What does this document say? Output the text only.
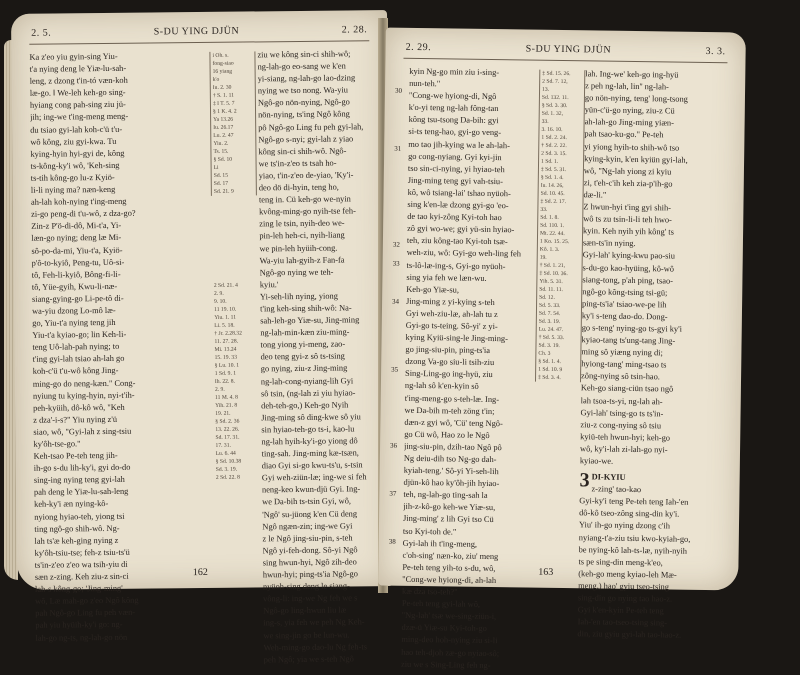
2. 5.	S-DU YING DJÜN	2. 28.

Ka z'eo yiu gyin-sing Yiu-

t'a nying deng le Yiæ-lu-sah-

leng, z dzong t'in-tó væn-koh

læ-go. ‖ We-leh keh-go sing-

hyiang cong pah-sing ziu jü-

jih; ing-we t'ing-meng meng-

du tsiao gyi-lah koh-c'ü t'u-

wô kông, ziu gyi-kwa. Tu

kying-hyin hyi-gyi de, kông

ts-kông-ky'i wô, 'Keh-sing

ts-tih kông-go lu-z Kyiö-

li-li nying ma? næn-keng

ah-lah koh-nying t'ing-meng

zi-go peng-di t'u-wô, z dza-go?

Zin-z P'ö-di-dô, Mi-t'a, Yi-

læn-go nying; deng læ Mi-

sô-po-da-mi, Yiu-t'a, Kyiö-

p'ô-to-kyiô, Peng-tu, Uô-si-

tô, Feh-li-kyiô, Bông-fi-li-

tô, Yüe-gyih, Kwu-li-næ-

siang-gying-go Li-pe-tô di-

wa-yiu dzong Lo-mô læ-

go, Yiu-t'a nying teng jih

Yiu-t'a kyiao-go; lin Keh-li-

teng Uô-lah-pah nying; to

t'ing gyi-lah tsiao ah-lah go

koh-c'ü t'u-wô kông Jing-

ming-go do neng-kæn." Cong-

nyiung tu kying-hyin, nyi-t'ih-

peh-kyüih, dô-kô wô, "Keh

z dza'-i-s?" Yiu nying z'ü

siao, wô, "Gyi-lah z sing-tsiu

ky'ôh-tse-go."

Keh-tsao Pe-teh teng jih-

ih-go s-du lih-ky'i, gyi do-do

sing-ing nying teng gyi-lah

pah deng le Yiæ-lu-sah-leng

keh-ky'i æn nying-kô-

nyiong hyiao-teh, yiong tsi

ting ngô-go shih-wô. Ng-

lah ts'æ keh-ging nying z

ky'ôh-tsiu-tse; feh-z tsiu-ts'ü

ts'in-z'eo z'eo wa tsih-yiu di

sæn z-zing. Keh ziu-z sin-ci

lah-s kông-go; 'Jing-ming'

wô, Læ mah-go z'eo Ngô kông

pah Ngô-go Ling fu peh væn-

pah yiu hyüih-ky'i go: ng-

lah-go ng-ts, ng-lah-go nön

i Oh. s.

fong-siao

16 yiang

k'o

Iu. 2. 30

† S. 1. 11

‡ I T. 5. 7

§ 1 K. 4. 2

Ya 13.26

Iu. 26.17

Lu. 2. 47

Yiu. 2.

Ts. 15.

§ Sd. 10

Li

Sd. 15

Sd. 17

Sd. 21. 9

2 Sd. 21. 4

2. 9.

9. 10.

11 19. 10.

Yiu. 1. 11

Li. 5. 18.

† Jr. 2.28.32

11. 27. 28.

Mi. 13.24

15. 19. 33

§ Lu. 10. 1

1 Sd. 9. 1

Ih. 22. 8.

2. 9.

11 M. 4. 8

Yih. 21. 8

19. 21.

§ Sd. 2. 36

13. 22. 26.

Sd. 17. 31.

17. 31.

Lu. 6. 44

§ Sd. 10.38

Sd. 3. 19.

2 Sd. 22. 8

ziu we kông sin-ci shih-wô;

ng-lah-go eo-sang we k'en

yi-siang, ng-lah-go lao-dzing

nying we tso nong. Wa-yiu

Ngô-go nön-nying, Ngô-go

nön-nying, ts'ing Ngô kông

pô Ngô-go Ling fu peh gyi-lah,

Ngô-go s-nyi; gyi-lah z yiao

kông sin-ci shih-wô. Ngô-

we ts'in-z'eo ts tsah ho-

yiao, t'in-z'eo de-yiao, 'Ky'i-

deo dö di-hyin, teng ho,

teng in. Cü keh-go we-nyin

kvông-ming-go nyih-tse feh-

zing le tsin, nyih-deo we-

pin-leh heh-ci, nyih-liang

we pin-leh hyüih-cong.

Wa-yiu lah-gyih-z Fan-fa

Ngô-go nying we teh-

kyiu.'

Yi-seh-lih nying, yiong

t'ing keh-sing shih-wô: Na-

sah-leh-go Yiæ-su, Jing-ming

ng-lah-min-kæn ziu-ming-

tong yiong yi-meng, zao-

deo teng gyi-z sô ts-tsing

go nying, ziu-z Jing-ming

ng-lah-cong-nyiang-lih Gyi

sô tsin, (ng-lah zi yiu hyiao-

deh-teh-go,) Keh-go Nyih

Jing-ming sô ding-kwe sô yiu

sin hyiao-teh-go ts-i, kao-lu

ng-lah hyih-ky'i-go yiong dô

ting-sah. Jing-ming kæ-tsæn,

diao Gyi si-go kwu-ts'u, s-tsin

Gyi weh-ziün-læ; ing-we si feh

neng-keo kwun-djü Gyi. Ing-

we Da-bih ts-tsin Gyi, wô,

'Ngô' su-jüong k'en Cü deng

Ngô ngæn-zin; ing-we Gyi

z le Ngô jing-siu-pin, s-teh

Ngô yi-feh-dong. Sô-yi Ngô

sing hwun-hyi, Ngô zih-deo

hwun-hyi; ping-ts'ia Ngô-go

nyüoh-sing deng le siang-

vông-li: ing-we Ng feh we s

Ngô-go ling-hwun liu læ

ing-s, yia feh we peh Ng Keh-

we sing-jin go be lun-wu.

Weh-ming-go dao-lu Ng feh-ts

peh Ngô; yia we s-teh Ngô

162
2. 29.	S-DU YING DJÜN	3. 3.
30
31
32
33
34
35
36
37
38

kyin Ng-go min ziu i-sing-

nun-teh."

"Cong-we hyiong-di, Ngô

k'o-yi teng ng-lah fông-tan

kông tsu-tsong Da-bih: gyi

si-ts teng-hao, gyi-go veng-

mo tao jih-kying wa le ah-lah-

go cong-nyiang. Gyi kyi-jin

tso sin-ci-nying, yi hyiao-teh

Jing-ming teng gyi vah-tsiu-

kô, wô tsiang-lai' tshao nyüoh-

sing k'en-læ dzong gyi-go 'eo-

de tao kyi-zông Kyi-toh hao

zô gyi wo-we; gyi yü-sin hyiao-

teh, ziu kông-tao Kyi-toh tsæ-

weh-ziu, wô: Gyi-go weh-ling feh

ts-lô-læ-ing-s, Gyi-go nyüoh-

sing yia feh we læn-wu.

Keh-go Yiæ-su,

Jing-ming z yi-kying s-teh

Gyi weh-ziu-læ, ah-lah tu z

Gyi-go ts-teing. Sô-yi' z yi-

kying Kyiü-sing-le Jing-ming-

go jing-siu-pin, ping-ts'ia

dzong Va-go siu-li tsih-ziu

Sing-Ling-go ing-hyü, ziu

ng-lah sô k'en-kyin sô

t'ing-meng-go s-teh-læ. Ing-

we Da-bih m-teh zöng t'in;

dæn-z gyi wô, 'Cü' teng Ngô-

go Cü wô, Hao zo le Ngô

jing-siu-pin, dzih-tao Ngô pô

Ng deiu-dih tso Ng-go dah-

kyiah-teng.' Sô-yi Yi-seh-lih

djün-kô hao ky'ôh-jih hyiao-

teh, ng-lah-go ting-sah la

jih-z-kô-go keh-we Yiæ-su,

Jing-ming' z lih Gyi tso Cü

tso Kyi-toh de."

Gyi-lah ih t'ing-meng,

c'oh-sing' næn-ko, ziu' meng

Pe-teh teng yih-to s-du, wô,

"Cong-we hyiong-di, ah-lah

kæ dza tso-teh?"

Pe-teh teng gyi-lah wô,

"Ng-lah' tsæ we-sing-ziün-i,

dzæ-ü Yiæ-su Kyi-toh-go

ming-deo hoh-nying ziu si-li

hao teh-djoh zæ-go nyiao-sô;

ziu we s Sing-Ling feh ng-

‡ Sd. 15. 26.

2 Sd. 7. 12,

13.

Sd. 132. 11.

§ Sd. 3. 30.

Sd. 1. 32,

33.

3. 16. 10.

1 Sd. 2. 24.

† Sd. 2. 22.

2 Sd. 3. 15.

1 Sd. 1.

‡ Sd. 5. 31.

§ Sd. 1. 4.

Iu. 14. 26,

Sd. 10. 45.

‡ Sd. 2. 17.

33.

Sd. 1. 8.

Sd. 110. 1.

Mt. 22. 44.

1 Ko. 15. 25.

Kô. 1. 3.

19.

† Sd. 1. 21,

‡ Sd. 10. 36.

Yih. 5. 31.

Sd. 11. 11.

Sd. 12.

Sd. 5. 33.

Sd. 7. 54.

Sd. 3. 19.

Lu. 24. 47.

† Sd. 5. 33.

Sd. 3. 19.

Ch. 3

§ Sd. 1. 4.

1 Sd. 10. 9

‡ Sd. 3. 4.

lah. Ing-we' keh-go ing-hyü

z peh ng-lah, lin'' ng-lah-

go nön-nying, teng' long-tsong

yün-c'ü-go nying, ziu-z Cü

ah-lah-go Jing-ming yiæn-

pah tsao-ku-go." Pe-teh

yi yiong hyih-to shih-wô tso

kying-kyin, k'en kyiün gyi-lah,

wô, "Ng-lah yiong zi kyiu

zi, t'eh-c'ih keh zia-p'ih-go

dæ-li."

Z hwun-hyi t'ing gyi shih-

wô ts zu tsin-li-li teh hwo-

kyin. Keh nyih yih kông' ts

sæn-ts'in nying.

Gyi-lah' kying-kwu pao-siu

s-du-go kao-hyüing, kô-wô

siang-tong, p'ah ping, tsao-

ngô-go kông-tsing tsi-gü;

ping-ts'ia' tsiao-we-pe lih

ky'i s-teng dao-do. Dong-

go s-teng' nying-go ts-gyi ky'i

kyiao-tang ts'ung-tang Jing-

ming sô yiæng nying di;

hyiong-tang' ming-tsao ts

zông-nying sô tsin-hao.

Keh-go siang-ciün tsao ngô

lah tsoa-ts-yi, ng-lah ah-

Gyi-lah' tsing-go ts ts'in-

ziu-z cong-nying sô tsiu

kyiü-teh hwun-hyi; keh-go

wô, ky'i-lah zi-lah-go nyi-

kyiao-we.

3 DI-KYIU

z-zing' tao-kao

Gyi-ky'i teng Pe-teh teng Iah-'en

dô-kô tseo-zông sing-din ky'i.

Yiu' ih-go nying dzong c'ih

nyiang-t'a-ziu tsiu kwo-kyiah-go,

be nying-kô lah-ts-læ, nyih-nyih

ts pe sing-din meng-k'eo,

(keh-go meng kyiao-leh Mæ-

meng,) hao' gyiu tseo-tsing

sing-din go nying tao hao-z.

Gyi k'en-kyin Pe-teh teng

Iah-'en tao-tseo-tsing sing-

din, ziu gyiu gyi-lah tao-hao-z.

163
